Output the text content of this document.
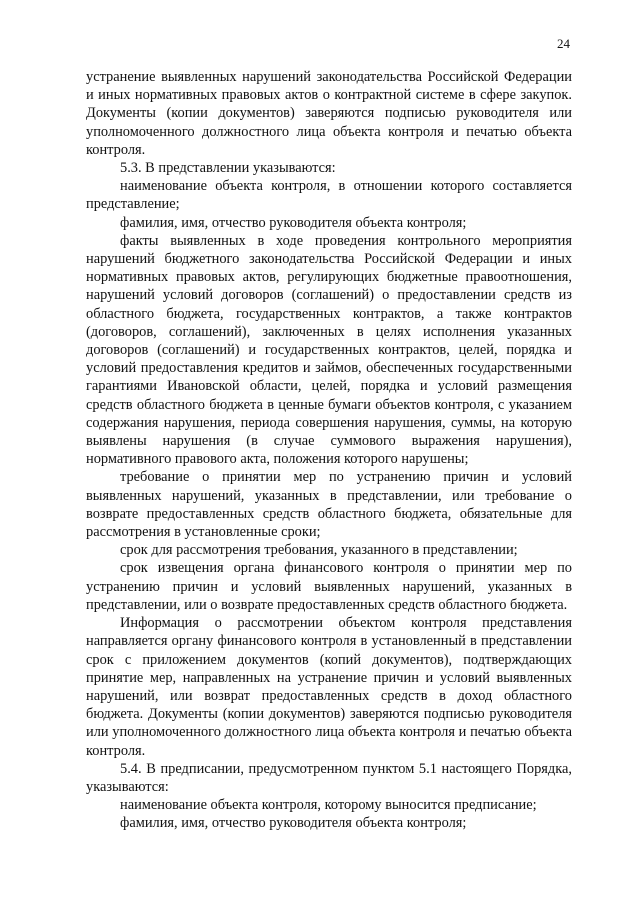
24

устранение выявленных нарушений законодательства Российской Федерации и иных нормативных правовых актов о контрактной системе в сфере закупок. Документы (копии документов) заверяются подписью руководителя или уполномоченного должностного лица объекта контроля и печатью объекта контроля.

5.3. В представлении указываются:

наименование объекта контроля, в отношении которого составляется представление;

фамилия, имя, отчество руководителя объекта контроля;

факты выявленных в ходе проведения контрольного мероприятия нарушений бюджетного законодательства Российской Федерации и иных нормативных правовых актов, регулирующих бюджетные правоотношения, нарушений условий договоров (соглашений) о предоставлении средств из областного бюджета, государственных контрактов, а также контрактов (договоров, соглашений), заключенных в целях исполнения указанных договоров (соглашений) и государственных контрактов, целей, порядка и условий предоставления кредитов и займов, обеспеченных государственными гарантиями Ивановской области, целей, порядка и условий размещения средств областного бюджета в ценные бумаги объектов контроля, с указанием содержания нарушения, периода совершения нарушения, суммы, на которую выявлены нарушения (в случае суммового выражения нарушения), нормативного правового акта, положения которого нарушены;

требование о принятии мер по устранению причин и условий выявленных нарушений, указанных в представлении, или требование о возврате предоставленных средств областного бюджета, обязательные для рассмотрения в установленные сроки;

срок для рассмотрения требования, указанного в представлении;

срок извещения органа финансового контроля о принятии мер по устранению причин и условий выявленных нарушений, указанных в представлении, или о возврате предоставленных средств областного бюджета.

Информация о рассмотрении объектом контроля представления направляется органу финансового контроля в установленный в представлении срок с приложением документов (копий документов), подтверждающих принятие мер, направленных на устранение причин и условий выявленных нарушений, или возврат предоставленных средств в доход областного бюджета. Документы (копии документов) заверяются подписью руководителя или уполномоченного должностного лица объекта контроля и печатью объекта контроля.

5.4. В предписании, предусмотренном пунктом 5.1 настоящего Порядка, указываются:

наименование объекта контроля, которому выносится предписание;

фамилия, имя, отчество руководителя объекта контроля;
